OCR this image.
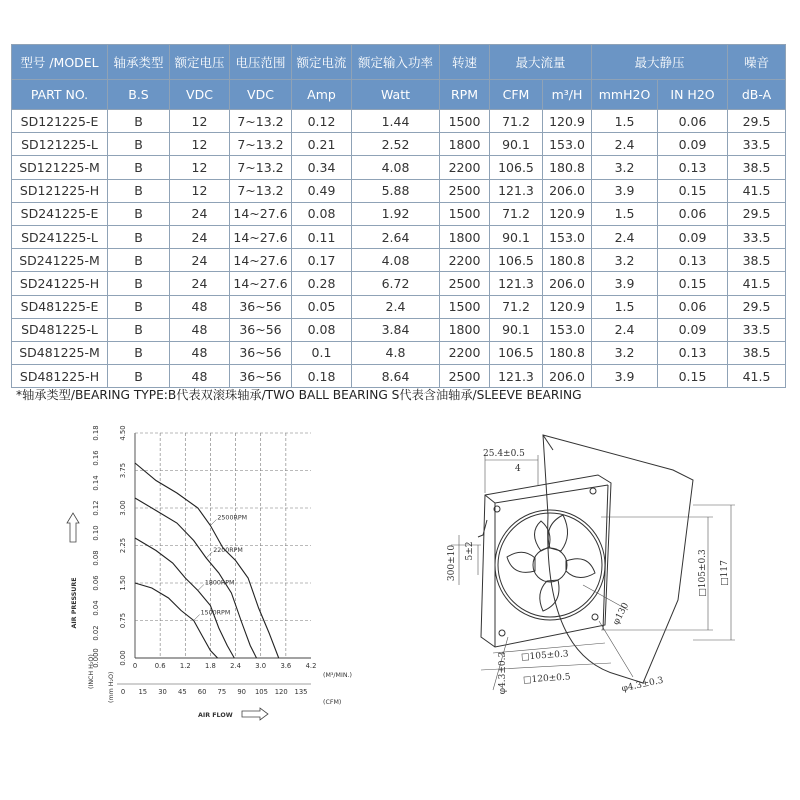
型号 /MODEL	轴承类型	额定电压	电压范围	额定电流	额定输入功率	转速	最大流量		最大静压		噪音
PART NO.	B.S	VDC	VDC	Amp	Watt	RPM	CFM	m³/H	mmH2O	IN H2O	dB-A
SD121225-E	B	12	7~13.2	0.12	1.44	1500	71.2	120.9	1.5	0.06	29.5
SD121225-L	B	12	7~13.2	0.21	2.52	1800	90.1	153.0	2.4	0.09	33.5
SD121225-M	B	12	7~13.2	0.34	4.08	2200	106.5	180.8	3.2	0.13	38.5
SD121225-H	B	12	7~13.2	0.49	5.88	2500	121.3	206.0	3.9	0.15	41.5
SD241225-E	B	24	14~27.6	0.08	1.92	1500	71.2	120.9	1.5	0.06	29.5
SD241225-L	B	24	14~27.6	0.11	2.64	1800	90.1	153.0	2.4	0.09	33.5
SD241225-M	B	24	14~27.6	0.17	4.08	2200	106.5	180.8	3.2	0.13	38.5
SD241225-H	B	24	14~27.6	0.28	6.72	2500	121.3	206.0	3.9	0.15	41.5
SD481225-E	B	48	36~56	0.05	2.4	1500	71.2	120.9	1.5	0.06	29.5
SD481225-L	B	48	36~56	0.08	3.84	1800	90.1	153.0	2.4	0.09	33.5
SD481225-M	B	48	36~56	0.1	4.8	2200	106.5	180.8	3.2	0.13	38.5
SD481225-H	B	48	36~56	0.18	8.64	2500	121.3	206.0	3.9	0.15	41.5
*轴承类型/BEARING TYPE:B代表双滚珠轴承/TWO BALL BEARING S代表含油轴承/SLEEVE BEARING
AIR PRESSURE
(INCH H₂O) (mm H₂O)
0.000
0.02
0.04
0.06
0.08
0.10
0.12
0.14
0.16
0.18
0.00
0.75
1.50
2.25
3.00
3.75
4.50
0	0.6 1.2 1.8 2.4 3.0 3.6 4.2
0 15 30 45 60 75 90 105 120 135
(M³/MIN.)
(CFM)
AIR FLOW
2500RPM
2200RPM
1800RPM
1500RPM
25.4±0.5
4
300±10 5±2	□105±0.3 □117
φ130
□105±0.3
□120±0.5
φ4.3±0.3	φ4.3±0.3
